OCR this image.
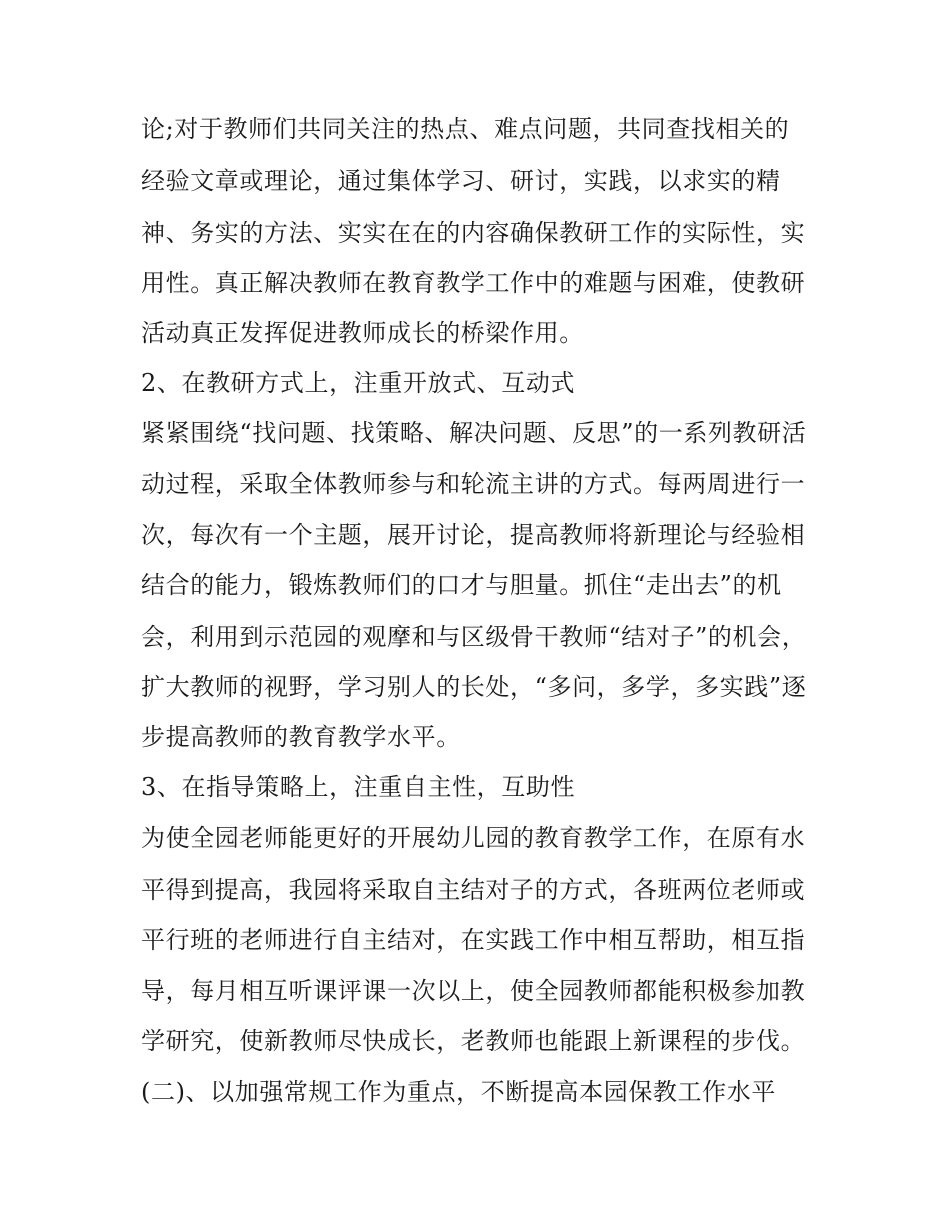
论;对于教师们共同关注的热点、难点问题，共同查找相关的

经验文章或理论，通过集体学习、研讨，实践，以求实的精

神、务实的方法、实实在在的内容确保教研工作的实际性，实

用性。真正解决教师在教育教学工作中的难题与困难，使教研

活动真正发挥促进教师成长的桥梁作用。

2、在教研方式上，注重开放式、互动式

紧紧围绕“找问题、找策略、解决问题、反思”的一系列教研活

动过程，采取全体教师参与和轮流主讲的方式。每两周进行一

次，每次有一个主题，展开讨论，提高教师将新理论与经验相

结合的能力，锻炼教师们的口才与胆量。抓住“走出去”的机

会，利用到示范园的观摩和与区级骨干教师“结对子”的机会，

扩大教师的视野，学习别人的长处，“多问，多学，多实践”逐

步提高教师的教育教学水平。

3、在指导策略上，注重自主性，互助性

为使全园老师能更好的开展幼儿园的教育教学工作，在原有水

平得到提高，我园将采取自主结对子的方式，各班两位老师或

平行班的老师进行自主结对，在实践工作中相互帮助，相互指

导，每月相互听课评课一次以上，使全园教师都能积极参加教

学研究，使新教师尽快成长，老教师也能跟上新课程的步伐。

(二)、以加强常规工作为重点，不断提高本园保教工作水平
